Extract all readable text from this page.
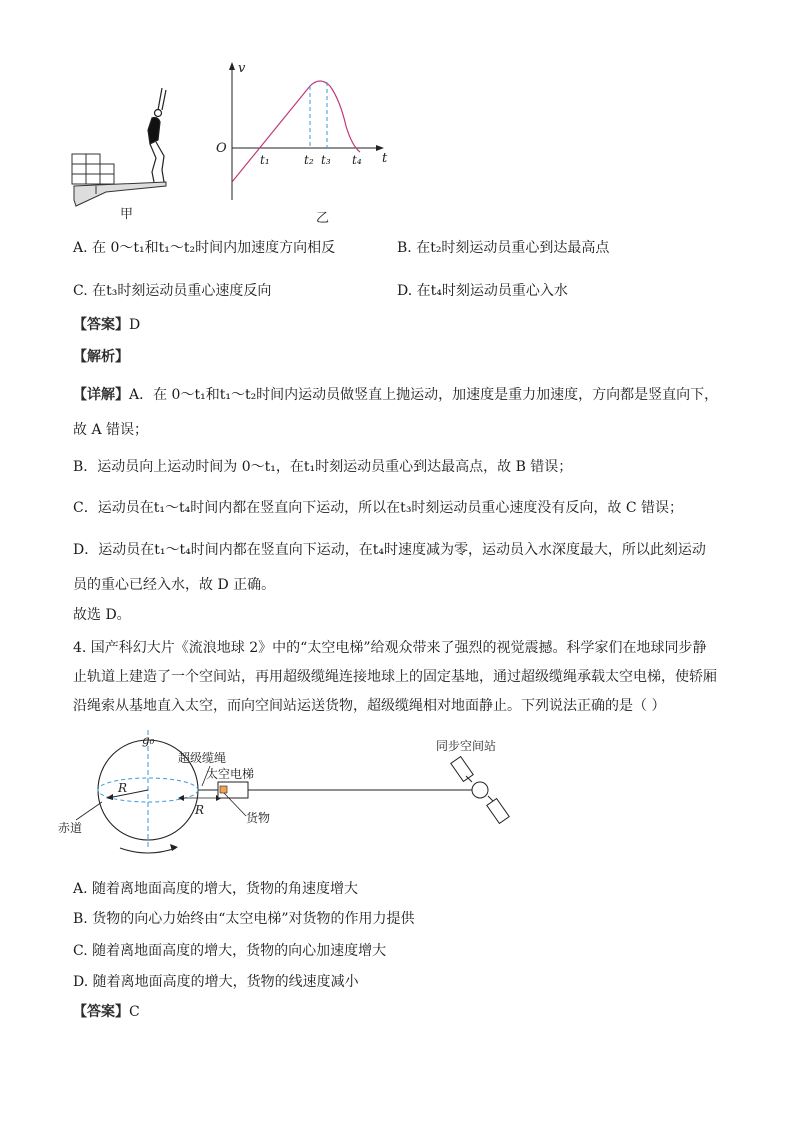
甲
v
O
t
t₁	t₂ t₃ t₄
乙
A. 在 0～t₁和t₁～t₂时间内加速度方向相反	B. 在t₂时刻运动员重心到达最高点
C. 在t₃时刻运动员重心速度反向	D. 在t₄时刻运动员重心入水
【答案】D
【解析】
【详解】A．在 0～t₁和t₁～t₂时间内运动员做竖直上抛运动，加速度是重力加速度，方向都是竖直向下，
故 A 错误；
B．运动员向上运动时间为 0～t₁，在t₁时刻运动员重心到达最高点，故 B 错误；
C．运动员在t₁～t₄时间内都在竖直向下运动，所以在t₃时刻运动员重心速度没有反向，故 C 错误；
D．运动员在t₁～t₄时间内都在竖直向下运动，在t₄时速度减为零，运动员入水深度最大，所以此刻运动
员的重心已经入水，故 D 正确。
故选 D。
4. 国产科幻大片《流浪地球 2》中的“太空电梯”给观众带来了强烈的视觉震撼。科学家们在地球同步静
止轨道上建造了一个空间站，再用超级缆绳连接地球上的固定基地，通过超级缆绳承载太空电梯，使轿厢
沿绳索从基地直入太空，而向空间站运送货物，超级缆绳相对地面静止。下列说法正确的是（ ）
R
g₀
赤道
R
超级缆绳
太空电梯
货物
同步空间站
A. 随着离地面高度的增大，货物的角速度增大
B. 货物的向心力始终由“太空电梯”对货物的作用力提供
C. 随着离地面高度的增大，货物的向心加速度增大
D. 随着离地面高度的增大，货物的线速度减小
【答案】C
